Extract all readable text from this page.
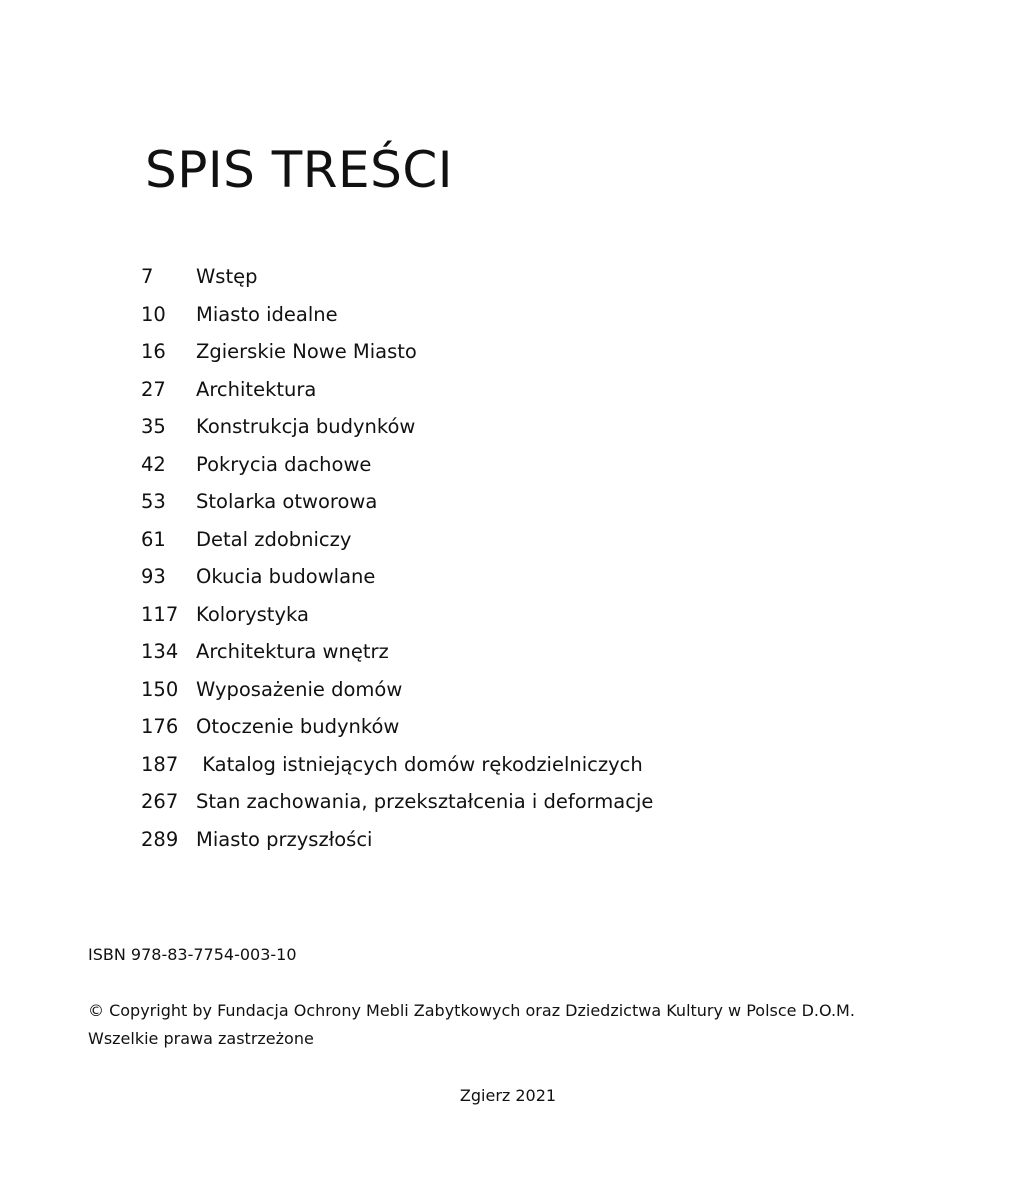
SPIS TREŚCI
7	Wstęp
10	Miasto idealne
16	Zgierskie Nowe Miasto
27	Architektura
35	Konstrukcja budynków
42	Pokrycia dachowe
53	Stolarka otworowa
61	Detal zdobniczy
93	Okucia budowlane
117 Kolorystyka
134 Architektura wnętrz
150 Wyposażenie domów
176 Otoczenie budynków
187 Katalog istniejących domów rękodzielniczych
267 Stan zachowania, przekształcenia i deformacje
289 Miasto przyszłości
ISBN 978-83-7754-003-10
© Copyright by Fundacja Ochrony Mebli Zabytkowych oraz Dziedzictwa Kultury w Polsce D.O.M.
Wszelkie prawa zastrzeżone
Zgierz 2021
